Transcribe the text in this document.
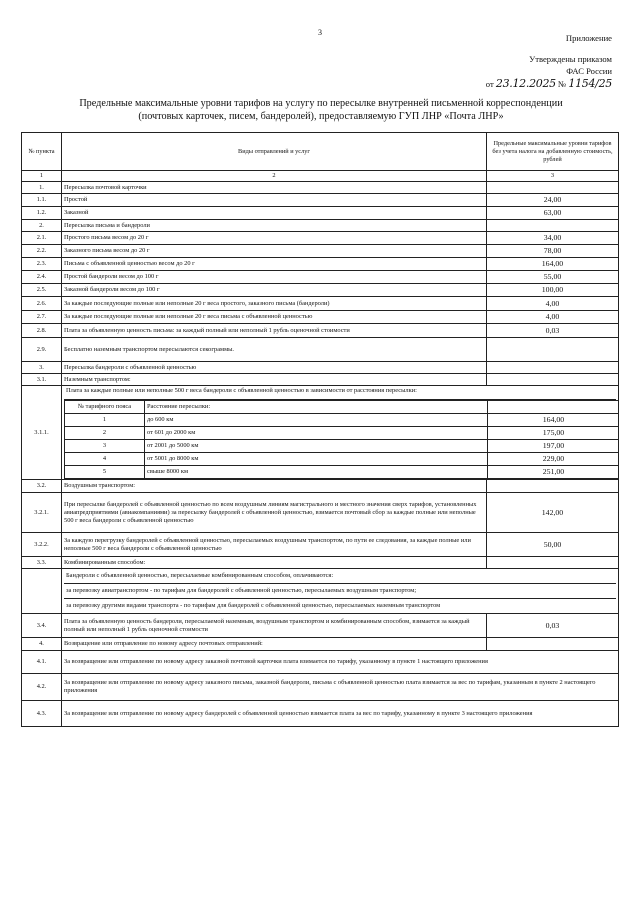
3
Приложение
Утверждены приказом
ФАС России
от 23.12.2025 № 1154/25
Предельные максимальные уровни тарифов на услугу по пересылке внутренней письменной корреспонденции
(почтовых карточек, писем, бандеролей), предоставляемую ГУП ЛНР «Почта ЛНР»
№ пункта	Виды отправлений и услуг	Предельные максимальные уровни тарифов без учета налога на добавленную стоимость, рублей
1	2	3
1.	Пересылка почтовой карточки	
1.1.	Простой	24,00
1.2.	Заказной	63,00
2.	Пересылка письма и бандероли	
2.1.	Простого письма весом до 20 г	34,00
2.2.	Заказного письма весом до 20 г	78,00
2.3.	Письма с объявленной ценностью весом до 20 г	164,00
2.4.	Простой бандероли весом до 100 г	55,00
2.5.	Заказной бандероли весом до 100 г	100,00
2.6.	За каждые последующие полные или неполные 20 г веса простого, заказного письма (бандероли)	4,00
2.7.	За каждые последующие полные или неполные 20 г веса письма с объявленной ценностью	4,00
2.8.	Плата за объявленную ценность письма: за каждый полный или неполный 1 рубль оценочной стоимости	0,03
2.9.	Бесплатно наземным транспортом пересылаются секограммы.	
3.	Пересылка бандероли с объявленной ценностью	
3.1.	Наземным транспортом:	
3.1.1.	
Плата за каждые полные или неполные 500 г веса бандероли с объявленной ценностью в зависимости от расстояния пересылки:
№ тарифного пояса	Расстояние пересылки:	
1	до 600 км	164,00
2	от 601 до 2000 км	175,00
3	от 2001 до 5000 км	197,00
4	от 5001 до 8000 км	229,00
5	свыше 8000 км	251,00

3.2.	Воздушным транспортом:	
3.2.1.	При пересылке бандеролей с объявленной ценностью по всем воздушным линиям магистрального и местного значения сверх тарифов, установленных авиапредприятиями (авиакомпаниями) за пересылку бандеролей с объявленной ценностью, взимается почтовый сбор за каждые полные или неполные 500 г веса бандероли с объявленной ценностью	142,00
3.2.2.	За каждую перегрузку бандеролей с объявленной ценностью, пересылаемых воздушным транспортом, по пути ее следования, за каждые полные или неполные 500 г веса бандероли с объявленной ценностью	50,00
3.3.	Комбинированным способом:	

Бандероли с объявленной ценностью, пересылаемые комбинированным способом, оплачиваются:
за перевозку авиатранспортом - по тарифам для бандеролей с объявленной ценностью, пересылаемых воздушным транспортом;
за перевозку другими видами транспорта - по тарифам для бандеролей с объявленной ценностью, пересылаемых наземным транспортом

3.4.	Плата за объявленную ценность бандероли, пересылаемой наземным, воздушным транспортом и комбинированным способом, взимается за каждый полный или неполный 1 рубль оценочной стоимости	0,03
4.	Возвращение или отправление по новому адресу почтовых отправлений:	
4.1.	За возвращение или отправление по новому адресу заказной почтовой карточки плата взимается по тарифу, указанному в пункте 1 настоящего приложения
4.2.	За возвращение или отправление по новому адресу заказного письма, заказной бандероли, письма с объявленной ценностью плата взимается за вес по тарифам, указанным в пункте 2 настоящего приложения
4.3.	За возвращение или отправление по новому адресу бандеролей с объявленной ценностью взимается плата за вес по тарифу, указанному в пункте 3 настоящего приложения
